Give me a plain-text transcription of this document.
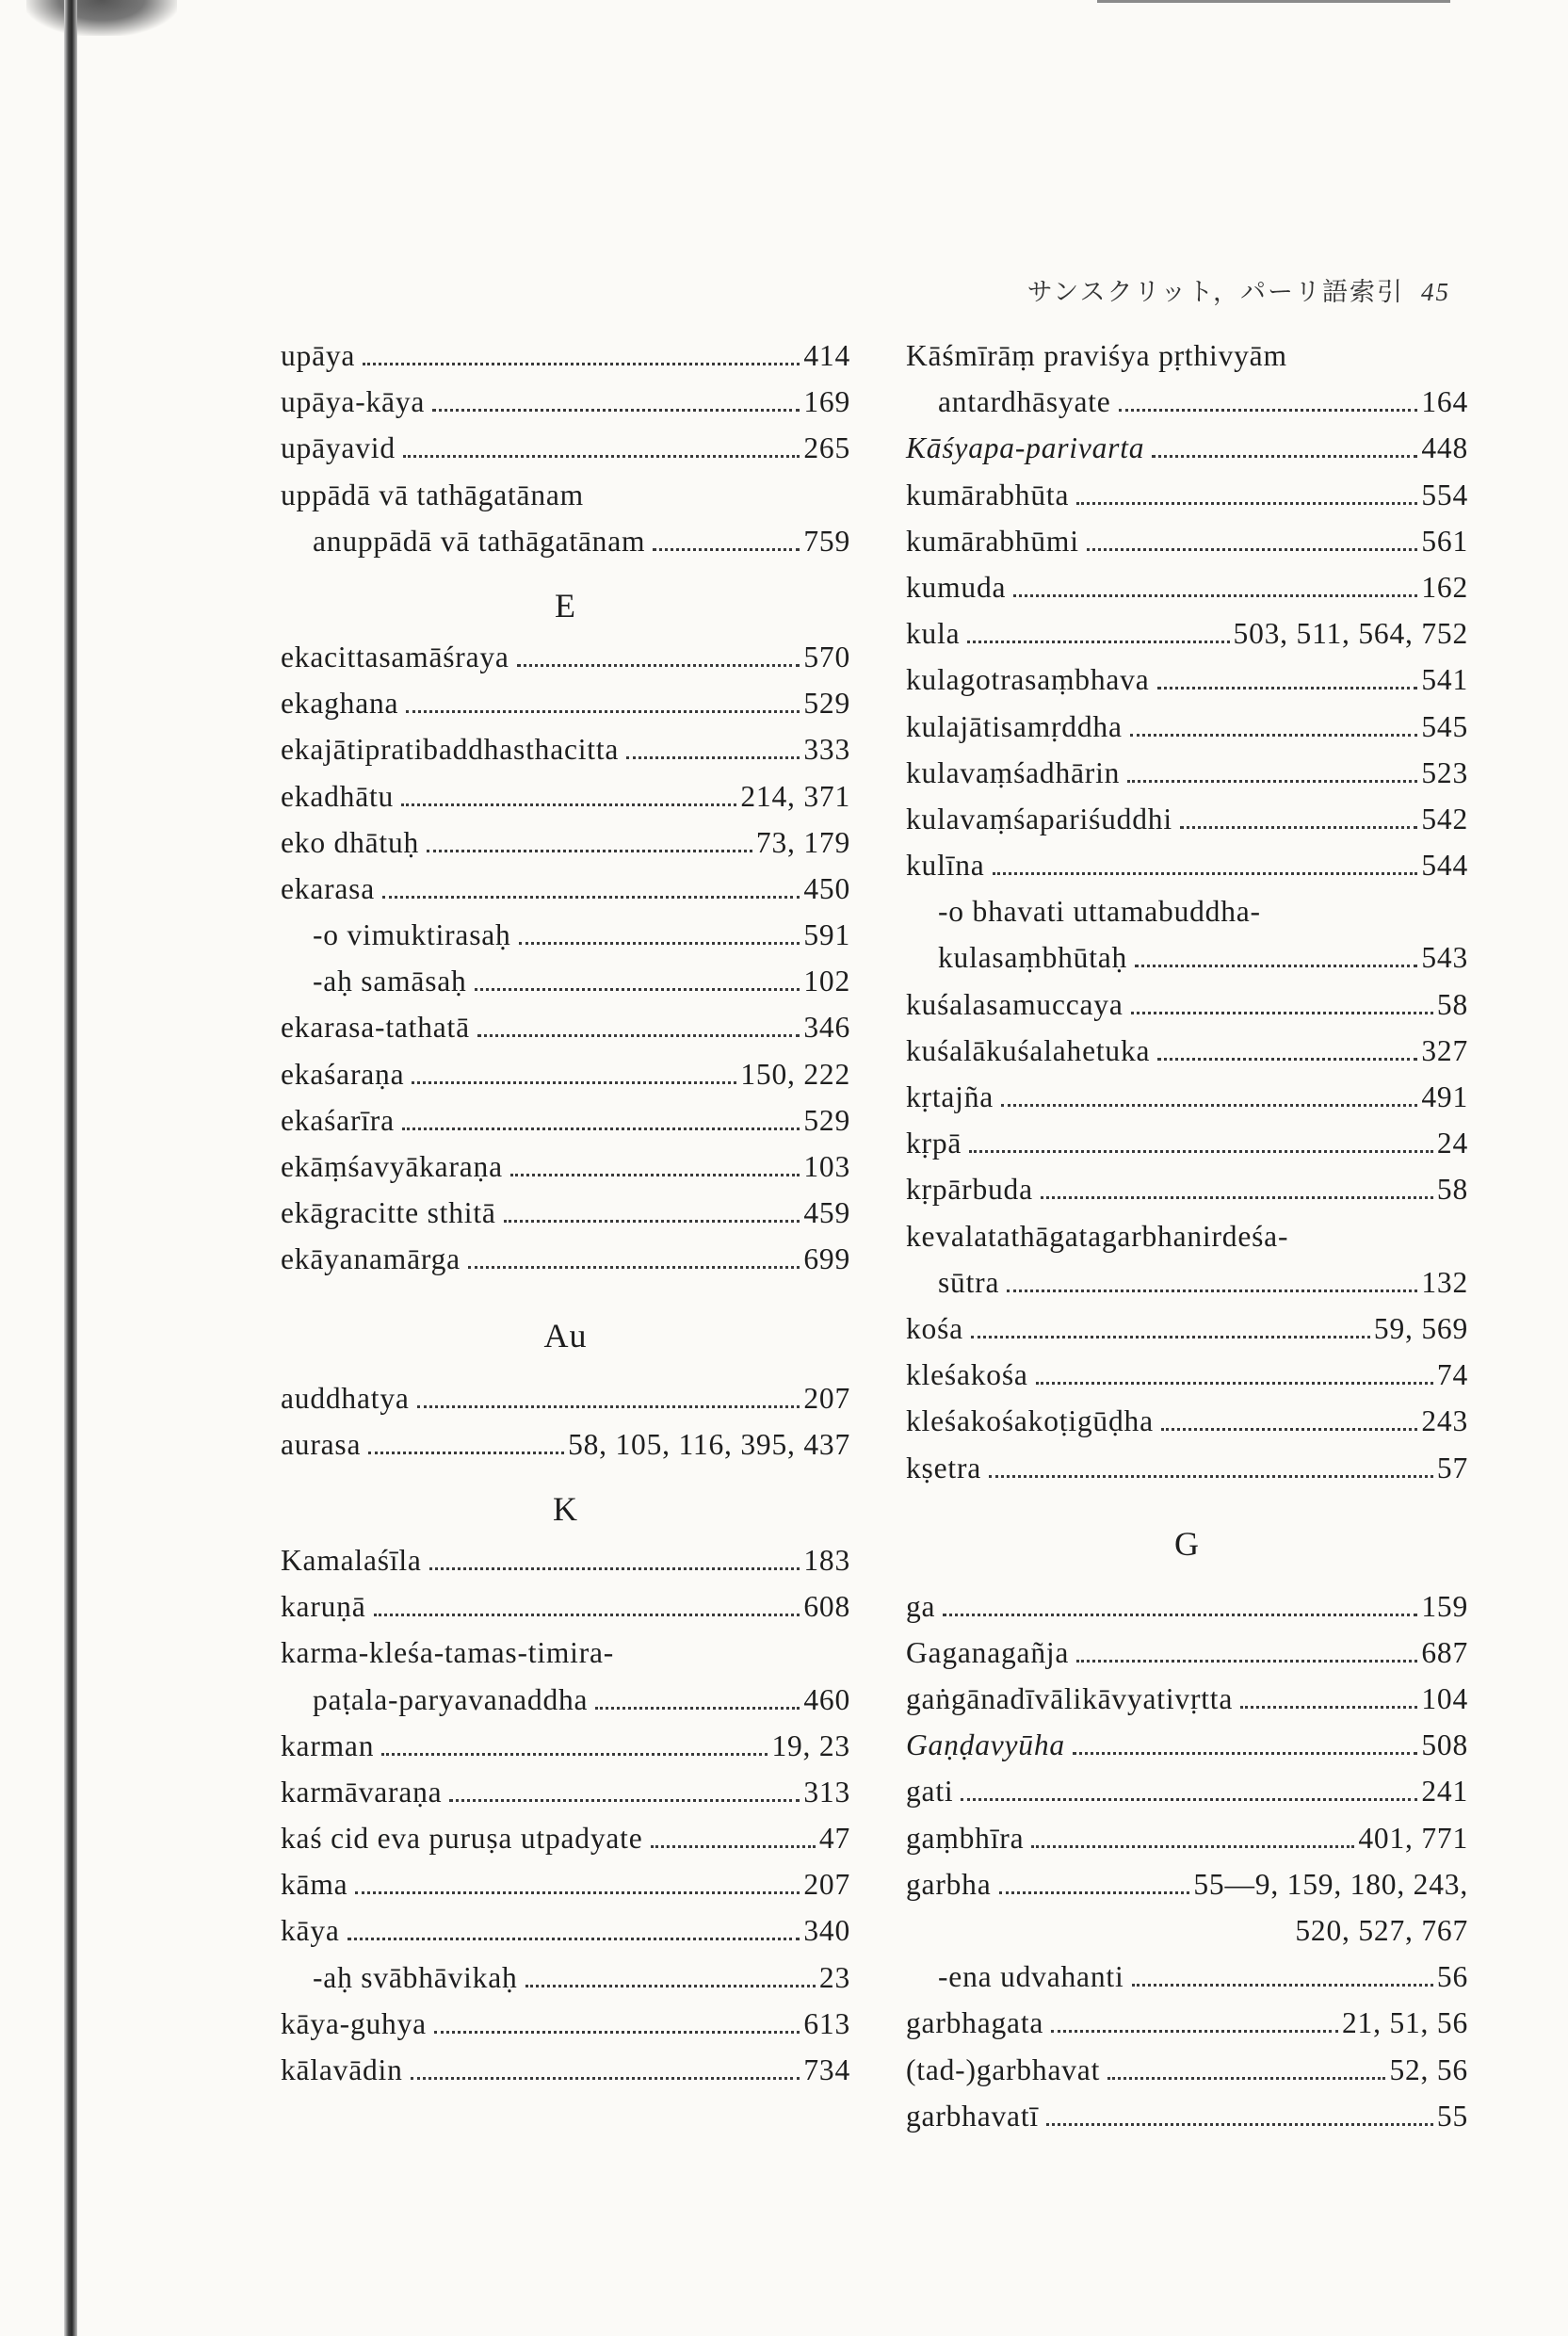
サンスクリット，パーリ語索引 45
upāya	414
upāya-kāya	169
upāyavid	265
uppādā vā tathāgatānam
anuppādā vā tathāgatānam	759
E
ekacittasamāśraya	570
ekaghana	529
ekajātipratibaddhasthacitta	333
ekadhātu	214, 371
eko dhātuḥ	73, 179
ekarasa	450
-o vimuktirasaḥ	591
-aḥ samāsaḥ	102
ekarasa-tathatā	346
ekaśaraṇa	150, 222
ekaśarīra	529
ekāṃśavyākaraṇa	103
ekāgracitte sthitā	459
ekāyanamārga	699
Au
auddhatya	207
aurasa	58, 105, 116, 395, 437
K
Kamalaśīla	183
karuṇā	608
karma-kleśa-tamas-timira-
paṭala-paryavanaddha	460
karman	19, 23
karmāvaraṇa	313
kaś cid eva puruṣa utpadyate	47
kāma	207
kāya	340
-aḥ svābhāvikaḥ	23
kāya-guhya	613
kālavādin	734
Kāśmīrāṃ praviśya pṛthivyām
antardhāsyate	164
Kāśyapa-parivarta	448
kumārabhūta	554
kumārabhūmi	561
kumuda	162
kula	503, 511, 564, 752
kulagotrasaṃbhava	541
kulajātisamṛddha	545
kulavaṃśadhārin	523
kulavaṃśapariśuddhi	542
kulīna	544
-o bhavati uttamabuddha-
kulasaṃbhūtaḥ	543
kuśalasamuccaya	58
kuśalākuśalahetuka	327
kṛtajña	491
kṛpā	24
kṛpārbuda	58
kevalatathāgatagarbhanirdeśa-
sūtra	132
kośa	59, 569
kleśakośa	74
kleśakośakoṭigūḍha	243
kṣetra	57
G
ga	159
Gaganagañja	687
gaṅgānadīvālikāvyativṛtta	104
Gaṇḍavyūha	508
gati	241
gaṃbhīra	401, 771
garbha	55—9, 159, 180, 243,
520, 527, 767
-ena udvahanti	56
garbhagata	21, 51, 56
(tad-)garbhavat	52, 56
garbhavatī	55
